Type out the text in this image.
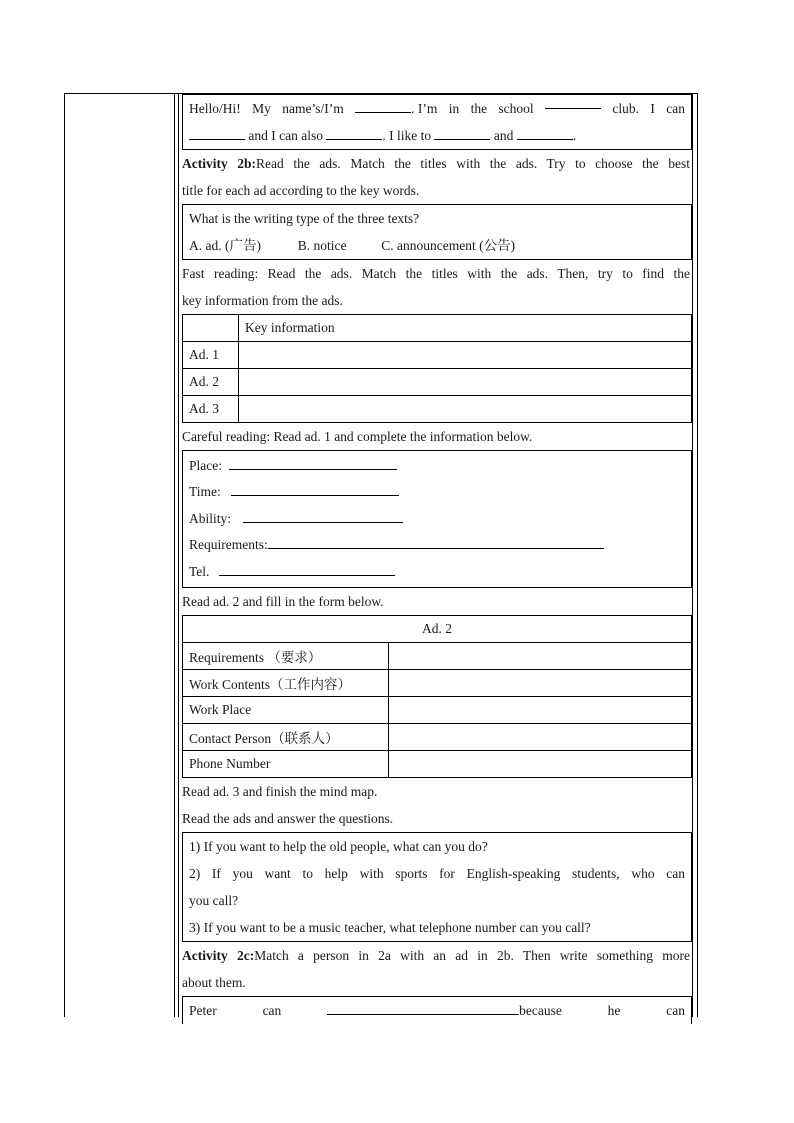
Hello/Hi! My name’s/I’m	. I’m in the school	club. I can
and I can also	. I like to	and	.
Activity 2b:Read the ads. Match the titles with the ads. Try to choose the best
title for each ad according to the key words.
What is the writing type of the three texts?
A. ad. (广告)	B. notice	C. announcement (公告)
Fast reading: Read the ads. Match the titles with the ads. Then, try to find the
key information from the ads.
	Key information
Ad. 1	
Ad. 2	
Ad. 3	
Careful reading: Read ad. 1 and complete the information below.
Place:
Time:
Ability:
Requirements:
Tel.
Read ad. 2 and fill in the form below.
Ad. 2	
Requirements （要求）	
Work Contents（工作内容）	
Work Place	
Contact Person（联系人）	
Phone Number	
Read ad. 3 and finish the mind map.
Read the ads and answer the questions.
1) If you want to help the old people, what can you do?
2) If you want to help with sports for English-speaking students, who can
you call?
3) If you want to be a music teacher, what telephone number can you call?
Activity 2c:Match a person in 2a with an ad in 2b. Then write something more
about them.
Peter	can	because	he	can
